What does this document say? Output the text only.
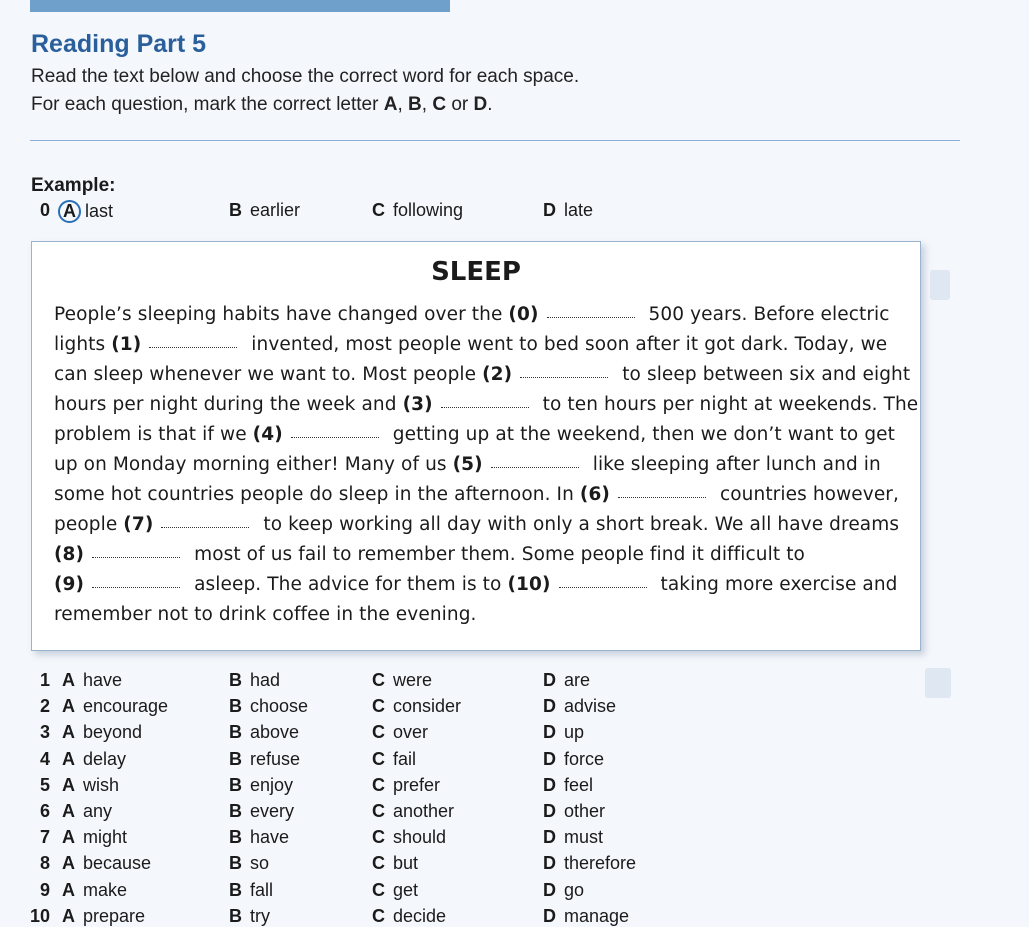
Reading Part 5
Read the text below and choose the correct word for each space.
For each question, mark the correct letter A, B, C or D.
Example:
0 A last	B earlier	C following	D late
SLEEP
People’s sleeping habits have changed over the (0)	500 years. Before electric
lights (1)	invented, most people went to bed soon after it got dark. Today, we
can sleep whenever we want to. Most people (2)	to sleep between six and eight
hours per night during the week and (3)	to ten hours per night at weekends. The
problem is that if we (4)	getting up at the weekend, then we don’t want to get
up on Monday morning either! Many of us (5)	like sleeping after lunch and in
some hot countries people do sleep in the afternoon. In (6)	countries however,
people (7)	to keep working all day with only a short break. We all have dreams
(8)	most of us fail to remember them. Some people find it difficult to
(9)	asleep. The advice for them is to (10)	taking more exercise and
remember not to drink coffee in the evening.
1 A have	B had	C were	D are
2 A encourage	B choose	C consider	D advise
3 A beyond	B above	C over	D up
4 A delay	B refuse	C fail	D force
5 A wish	B enjoy	C prefer	D feel
6 A any	B every	C another	D other
7 A might	B have	C should	D must
8 A because	B so	C but	D therefore
9 A make	B fall	C get	D go
10 A prepare	B try	C decide	D manage
